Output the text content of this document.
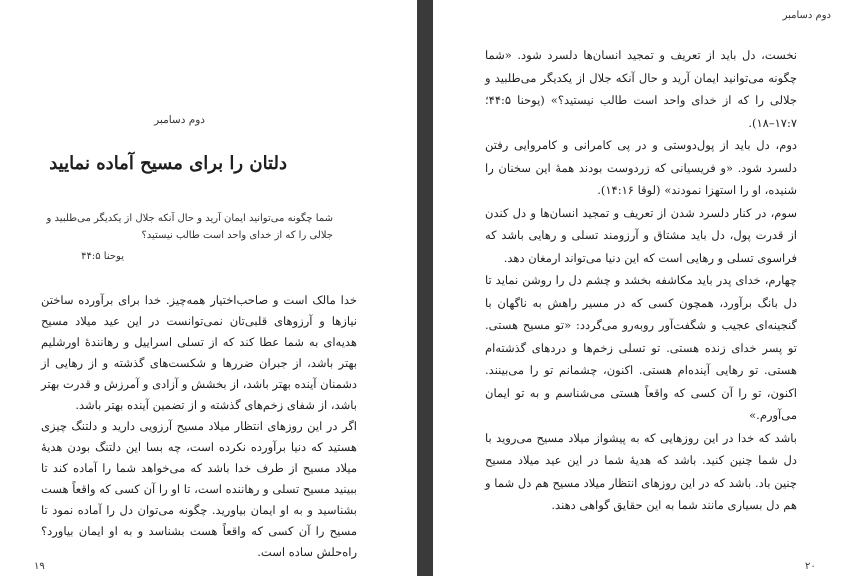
دوم دسامبر
دلتان را برای مسیح آماده نمایید
شما چگونه می‌توانید ایمان آرید و حال آنکه جلال از یکدیگر می‌طلبید و جلالی را که از خدای واحد است طالب نیستید؟
یوحنا ۴۴:۵

خدا مالک است و صاحب‌اختیار همه‌چیز. خدا برای برآورده ساختن نیازها و آرزوهای قلبی‌تان نمی‌توانست در این عید میلاد مسیح هدیه‌ای به شما عطا کند که از تسلی اسراییل و رهانندهٔ اورشلیم بهتر باشد، از جبران ضررها و شکست‌های گذشته و از رهایی از دشمنان آینده بهتر باشد، از بخشش و آزادی و آمرزش و قدرت بهتر باشد، از شفای زخم‌های گذشته و از تضمین آینده بهتر باشد.

اگر در این روزهای انتظار میلاد مسیح آرزویی دارید و دلتنگ چیزی هستید که دنیا برآورده نکرده است، چه بسا این دلتنگ بودن هدیهٔ میلاد مسیح از طرف خدا باشد که می‌خواهد شما را آماده کند تا ببینید مسیح تسلی و رهاننده است، تا او را آن کسی که واقعاً هست بشناسید و به او ایمان بیاورید. چگونه می‌توان دل را آماده نمود تا مسیح را آن کسی که واقعاً هست بشناسد و به او ایمان بیاورد؟ راه‌حلش ساده است.

۱۹
دوم دسامبر

نخست، دل باید از تعریف و تمجید انسان‌ها دلسرد شود. «شما چگونه می‌توانید ایمان آرید و حال آنکه جلال از یکدیگر می‌طلبید و جلالی را که از خدای واحد است طالب نیستید؟» (یوحنا ۴۴:۵؛ ۱۷:۷–۱۸).

دوم، دل باید از پول‌دوستی و در پی کامرانی و کامروایی رفتن دلسرد شود. «و فریسیانی که زردوست بودند همهٔ این سخنان را شنیده، او را استهزا نمودند» (لوقا ۱۴:۱۶).

سوم، در کنار دلسرد شدن از تعریف و تمجید انسان‌ها و دل کندن از قدرت پول، دل باید مشتاق و آرزومند تسلی و رهایی باشد که فراسوی تسلی و رهایی است که این دنیا می‌تواند ارمغان دهد.

چهارم، خدای پدر باید مکاشفه بخشد و چشم دل را روشن نماید تا دل بانگ برآورد، همچون کسی که در مسیر راهش به ناگهان با گنجینه‌ای عجیب و شگفت‌آور روبه‌رو می‌گردد: «تو مسیح هستی. تو پسر خدای زنده هستی. تو تسلی زخم‌ها و دردهای گذشته‌ام هستی. تو رهایی آینده‌ام هستی. اکنون، چشمانم تو را می‌بینند. اکنون، تو را آن کسی که واقعاً هستی می‌شناسم و به تو ایمان می‌آورم.»

باشد که خدا در این روزهایی که به پیشواز میلاد مسیح می‌روید با دل شما چنین کنید. باشد که هدیهٔ شما در این عید میلاد مسیح چنین باد. باشد که در این روزهای انتظار میلاد مسیح هم دل شما و هم دل بسیاری مانند شما به این حقایق گواهی دهند.

۲۰
